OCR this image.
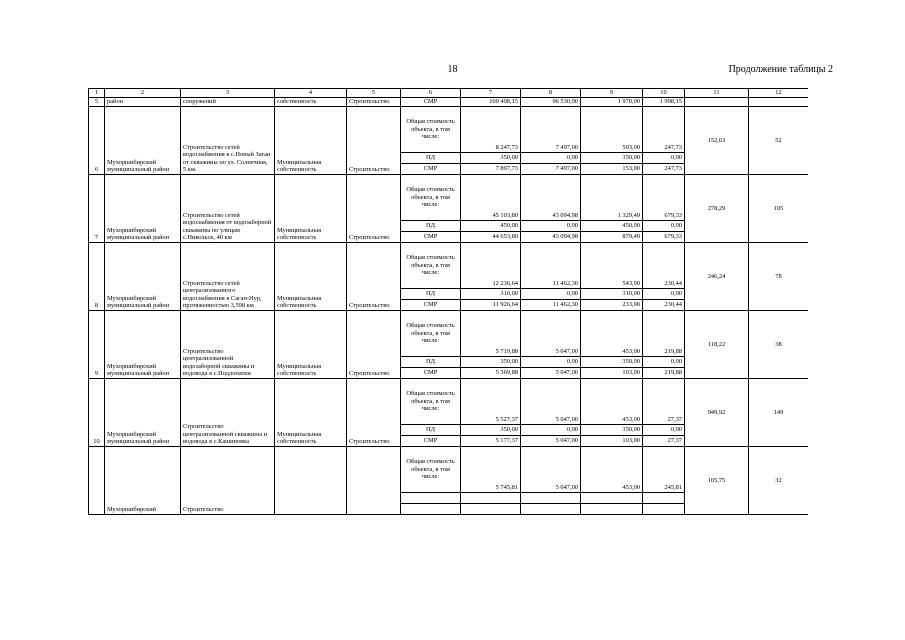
18	Продолжение таблицы 2
1	2	3	4	5	6	7	8	9	10	11	12
5	район	сооружений	собственность	Строительство	СМР	100 498,15	96 530,00	1 970,00	1 998,15		
6	Мухоршибирский муниципальный район	Строительство сетей водоснабжения в с.Новый Заган от скважины по ул. Солнечная, 5 км.	Муниципальная собственность	Строительство	Общая стоимость объекта, в том числе:	8 247,73	7 497,00	503,00	247,73	152,63	52
					ПД	350,00	0,00	350,00	0,00		
					СМР	7 897,73	7 497,00	153,00	247,73		
7	Мухоршибирский муниципальный район	Строительство сетей водоснабжения от водозаборной скважины по улицам с.Никольск, 40 км	Муниципальная собственность	Строительство	Общая стоимость объекта, в том числе:	45 103,80	43 094,98	1 329,49	679,33	278,29	105
					ПД	450,00	0,00	450,00	0,00		
					СМР	44 653,80	43 094,98	879,49	679,33		
8	Мухоршибирский муниципальный район	Строительство сетей централизованного водоснабжения в Саган-Нур, протяженностью 3,598 км	Муниципальная собственность	Строительство	Общая стоимость объекта, в том числе:	12 236,64	11 462,30	543,90	230,44	246,24	78
					ПД	310,00	0,00	310,00	0,00		
					СМР	11 926,64	11 462,30	233,90	230,44		
9	Мухоршибирский муниципальный район	Строительство централизованной водозаборной скважины и водовода в с.Подлопатки	Муниципальная собственность	Строительство	Общая стоимость объекта, в том числе:	5 719,88	5 047,00	453,00	219,88	118,22	38
					ПД	350,00	0,00	350,00	0,00		
					СМР	5 369,88	5 047,00	103,00	219,88		
10	Мухоршибирский муниципальный район	Строительство централизованной скважины и водовода в с.Кашиновка	Муниципальная собственность	Строительство	Общая стоимость объекта, в том числе:	5 527,37	5 047,00	453,00	27,37	949,92	149
					ПД	350,00	0,00	350,00	0,00		
					СМР	5 177,37	5 047,00	103,00	27,37		
	Мухоршибирский	Строительство			Общая стоимость объекта, в том числе:	5 745,81	5 047,00	453,00	245,81	105,75	32
